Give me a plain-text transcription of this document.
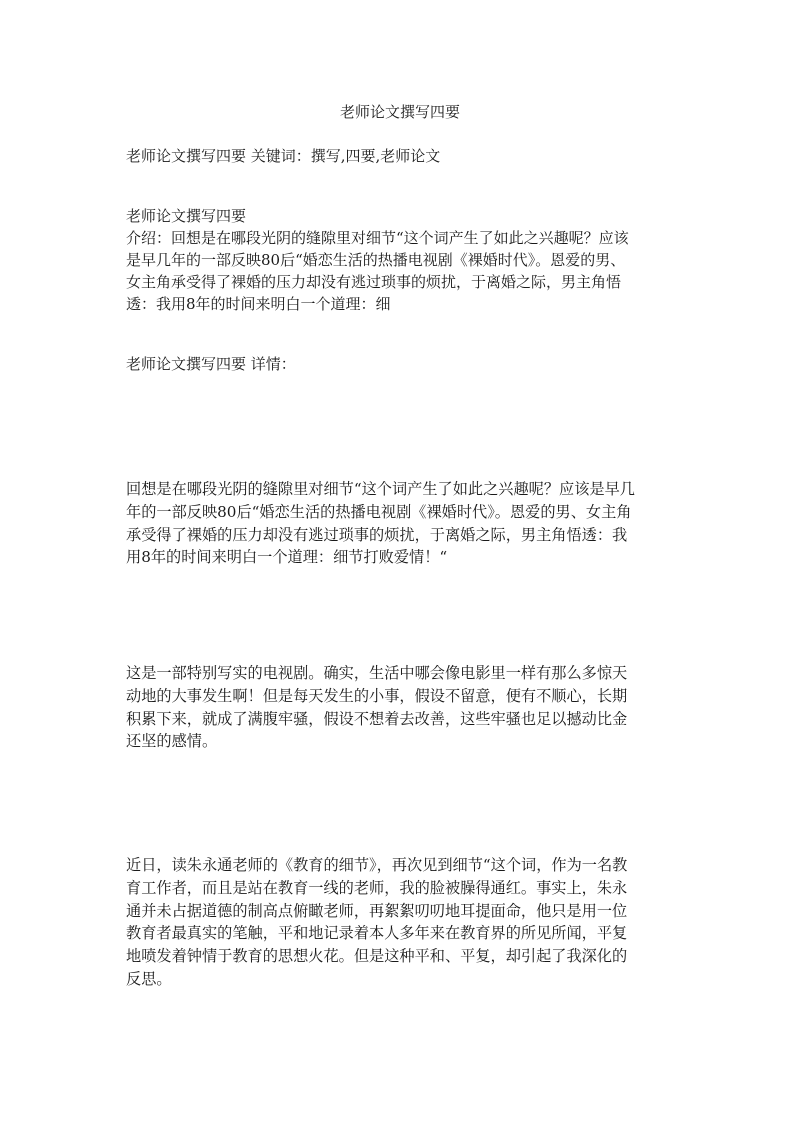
老师论文撰写四要

老师论文撰写四要 关键词：撰写,四要,老师论文

老师论文撰写四要

介绍：回想是在哪段光阴的缝隙里对细节“这个词产生了如此之兴趣呢？应该

是早几年的一部反映80后“婚恋生活的热播电视剧《裸婚时代》。恩爱的男、

女主角承受得了裸婚的压力却没有逃过琐事的烦扰，于离婚之际，男主角悟

透：我用8年的时间来明白一个道理：细

老师论文撰写四要 详情：

回想是在哪段光阴的缝隙里对细节“这个词产生了如此之兴趣呢？应该是早几

年的一部反映80后“婚恋生活的热播电视剧《裸婚时代》。恩爱的男、女主角

承受得了裸婚的压力却没有逃过琐事的烦扰，于离婚之际，男主角悟透：我

用8年的时间来明白一个道理：细节打败爱情！“

这是一部特别写实的电视剧。确实，生活中哪会像电影里一样有那么多惊天

动地的大事发生啊！但是每天发生的小事，假设不留意，便有不顺心，长期

积累下来，就成了满腹牢骚，假设不想着去改善，这些牢骚也足以撼动比金

还坚的感情。

近日，读朱永通老师的《教育的细节》，再次见到细节“这个词，作为一名教

育工作者，而且是站在教育一线的老师，我的脸被臊得通红。事实上，朱永

通并未占据道德的制高点俯瞰老师，再絮絮叨叨地耳提面命，他只是用一位

教育者最真实的笔触，平和地记录着本人多年来在教育界的所见所闻，平复

地喷发着钟情于教育的思想火花。但是这种平和、平复，却引起了我深化的

反思。
